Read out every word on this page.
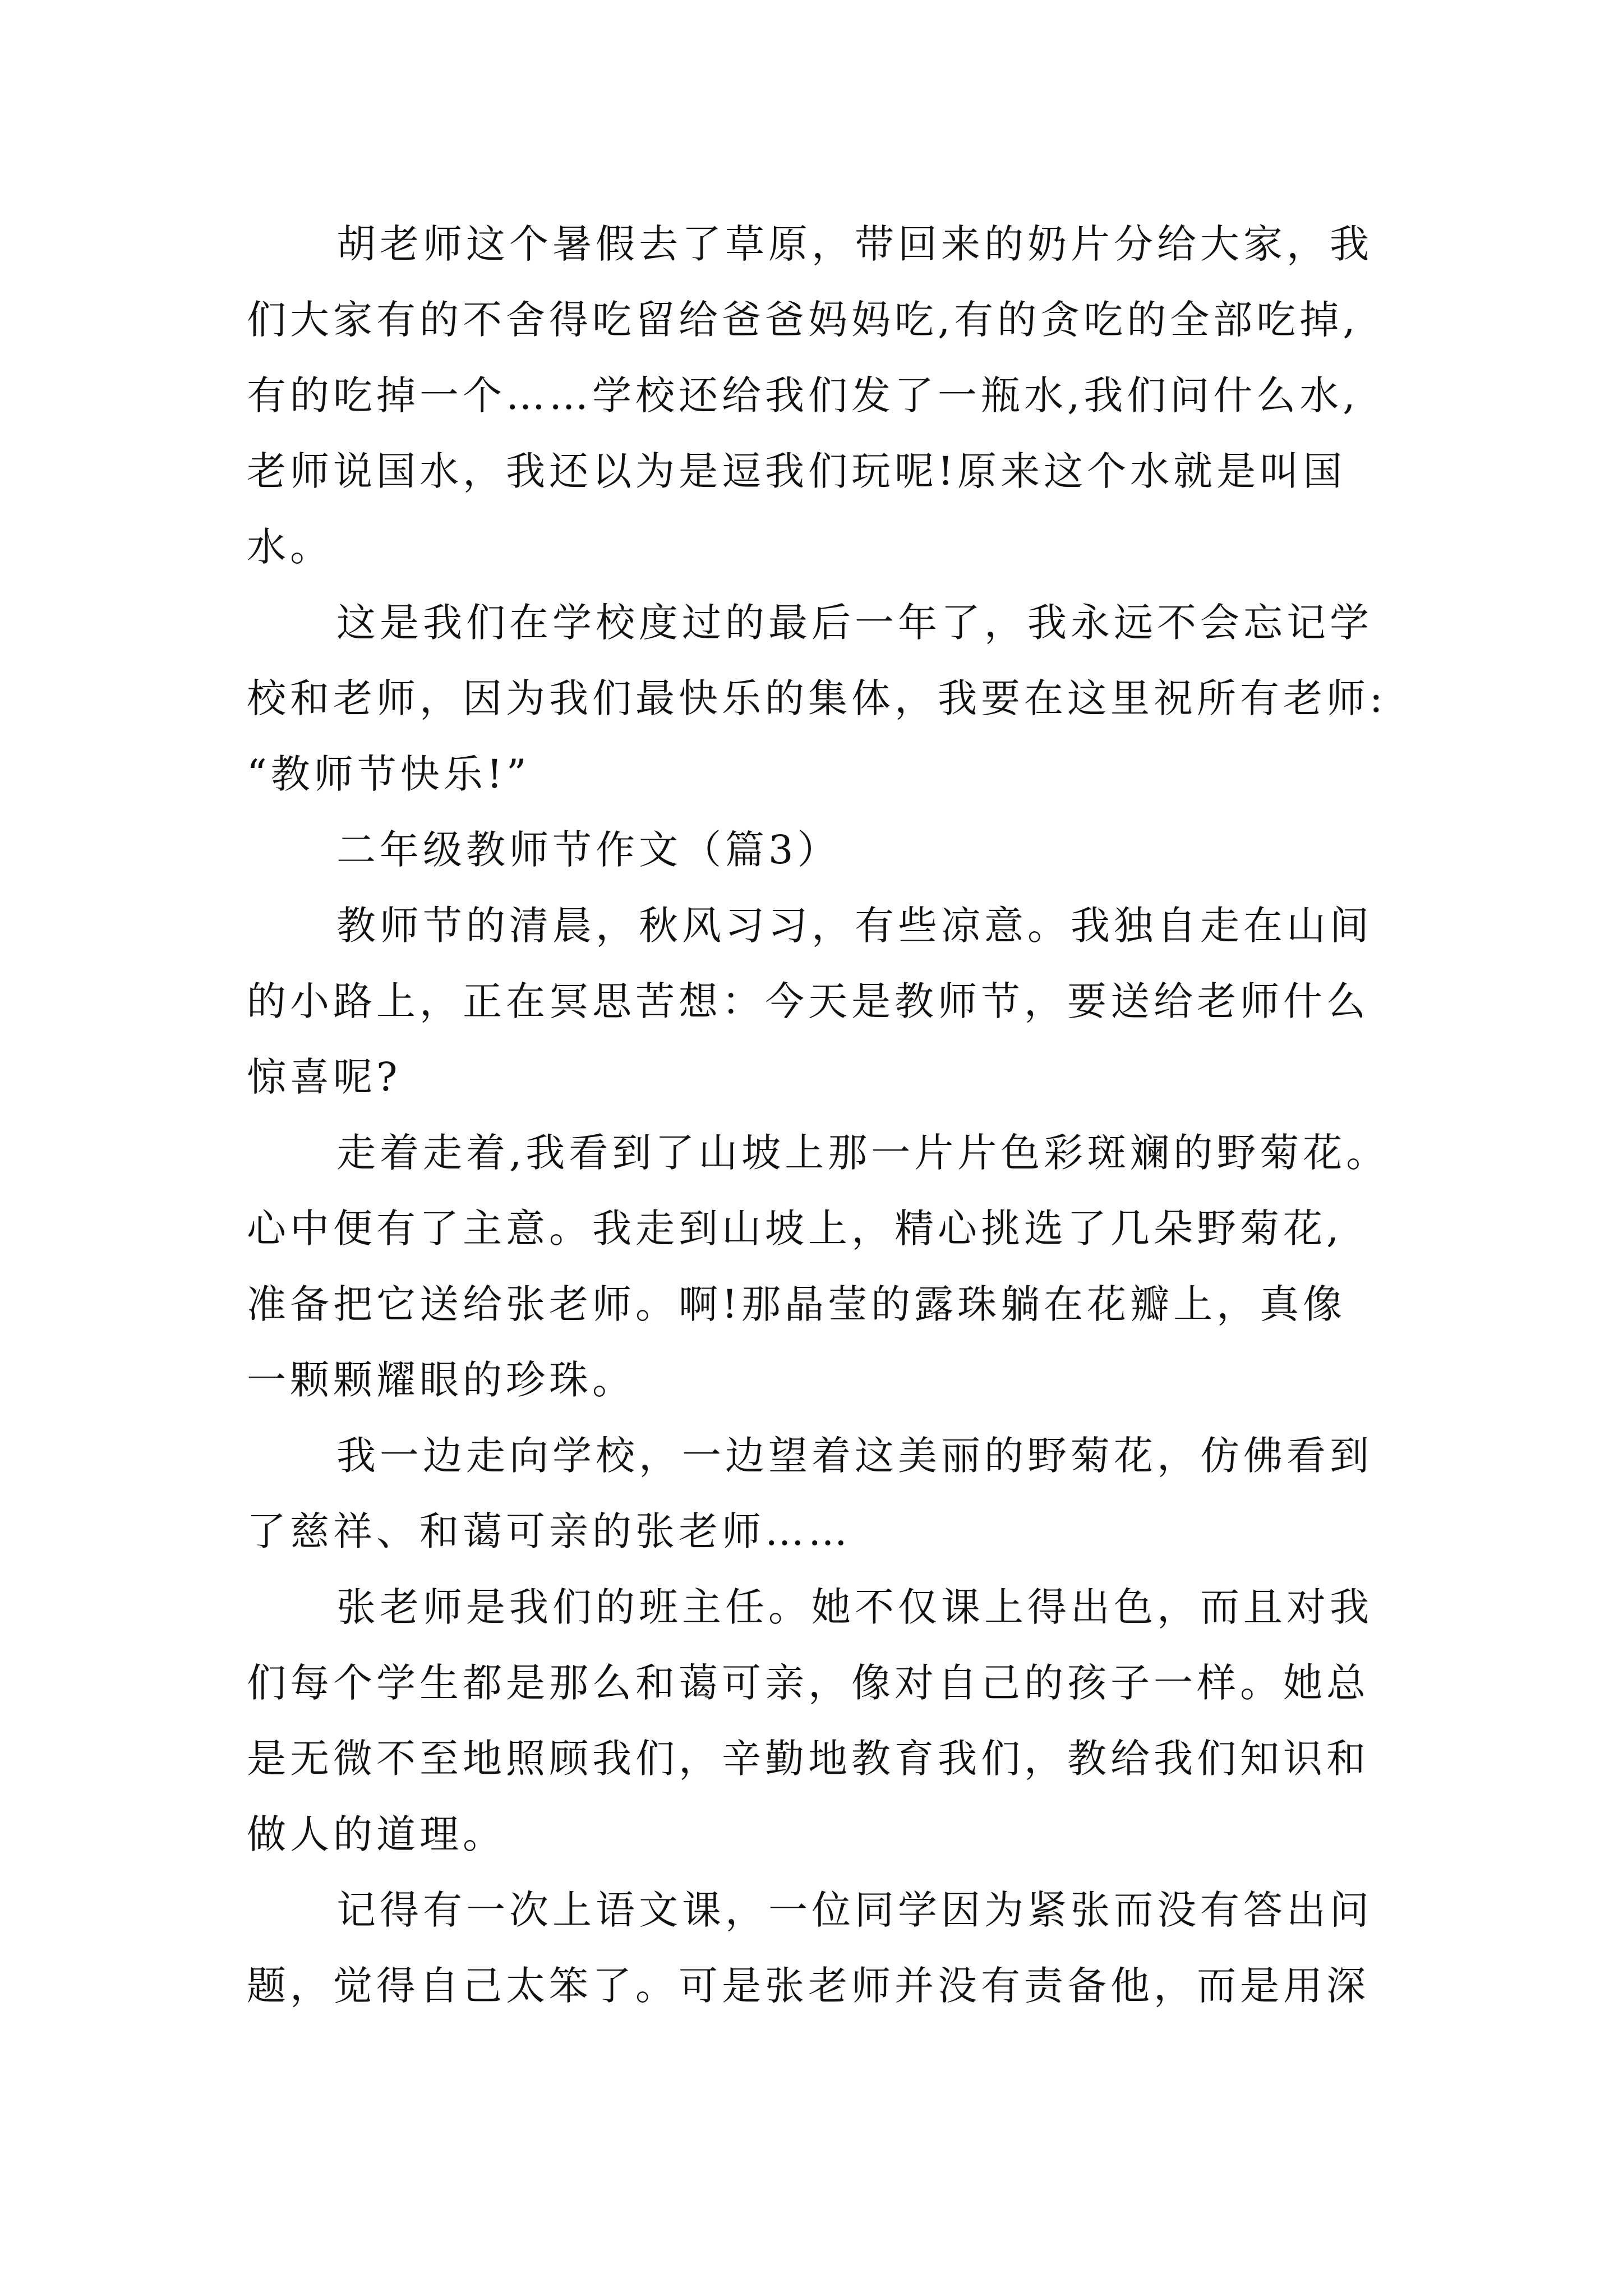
胡老师这个暑假去了草原，带回来的奶片分给大家，我
们大家有的不舍得吃留给爸爸妈妈吃,有的贪吃的全部吃掉,
有的吃掉一个……学校还给我们发了一瓶水,我们问什么水,
老师说国水，我还以为是逗我们玩呢!原来这个水就是叫国
水。
这是我们在学校度过的最后一年了，我永远不会忘记学
校和老师，因为我们最快乐的集体，我要在这里祝所有老师:
“教师节快乐!”
二年级教师节作文（篇3）
教师节的清晨，秋风习习，有些凉意。我独自走在山间
的小路上，正在冥思苦想：今天是教师节，要送给老师什么
惊喜呢?
走着走着,我看到了山坡上那一片片色彩斑斓的野菊花。
心中便有了主意。我走到山坡上，精心挑选了几朵野菊花,
准备把它送给张老师。啊!那晶莹的露珠躺在花瓣上，真像
一颗颗耀眼的珍珠。
我一边走向学校，一边望着这美丽的野菊花，仿佛看到
了慈祥、和蔼可亲的张老师……
张老师是我们的班主任。她不仅课上得出色，而且对我
们每个学生都是那么和蔼可亲，像对自己的孩子一样。她总
是无微不至地照顾我们，辛勤地教育我们，教给我们知识和
做人的道理。
记得有一次上语文课，一位同学因为紧张而没有答出问
题，觉得自己太笨了。可是张老师并没有责备他，而是用深
